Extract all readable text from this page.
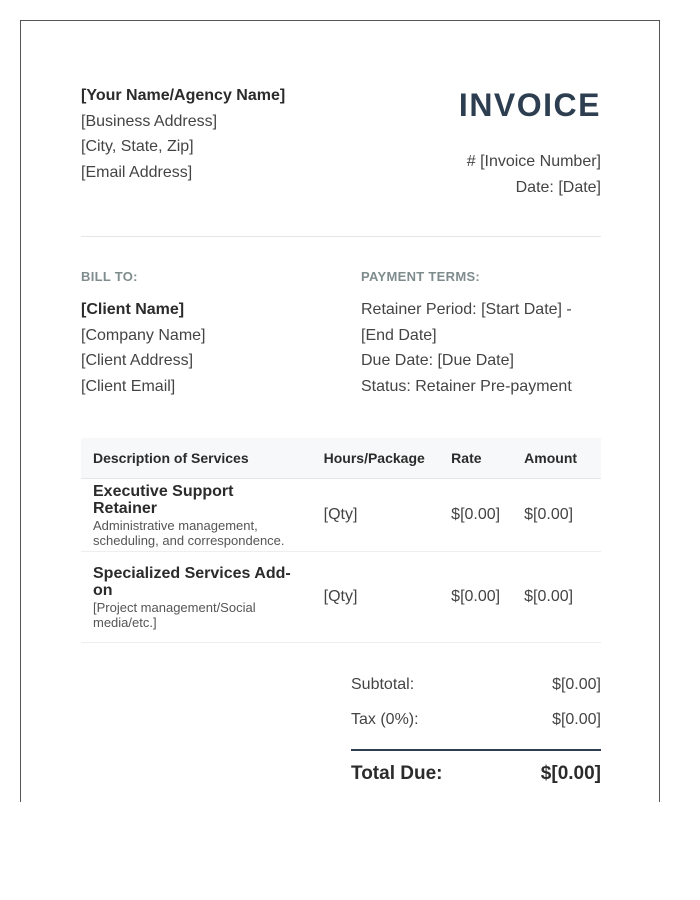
[Your Name/Agency Name]
[Business Address]
[City, State, Zip]
[Email Address]
INVOICE
# [Invoice Number]
Date: [Date]
BILL TO:
[Client Name]
[Company Name]
[Client Address]
[Client Email]
PAYMENT TERMS:
Retainer Period: [Start Date] -
[End Date]
Due Date: [Due Date]
Status: Retainer Pre-payment
Description of Services	Hours/Package	Rate	Amount

Executive Support Retainer
Administrative management, scheduling, and correspondence.	[Qty]	$[0.00]	$[0.00]

Specialized Services Add-on
[Project management/Social media/etc.]	[Qty]	$[0.00]	$[0.00]
Subtotal:	$[0.00]
Tax (0%):	$[0.00]
Total Due:	$[0.00]
